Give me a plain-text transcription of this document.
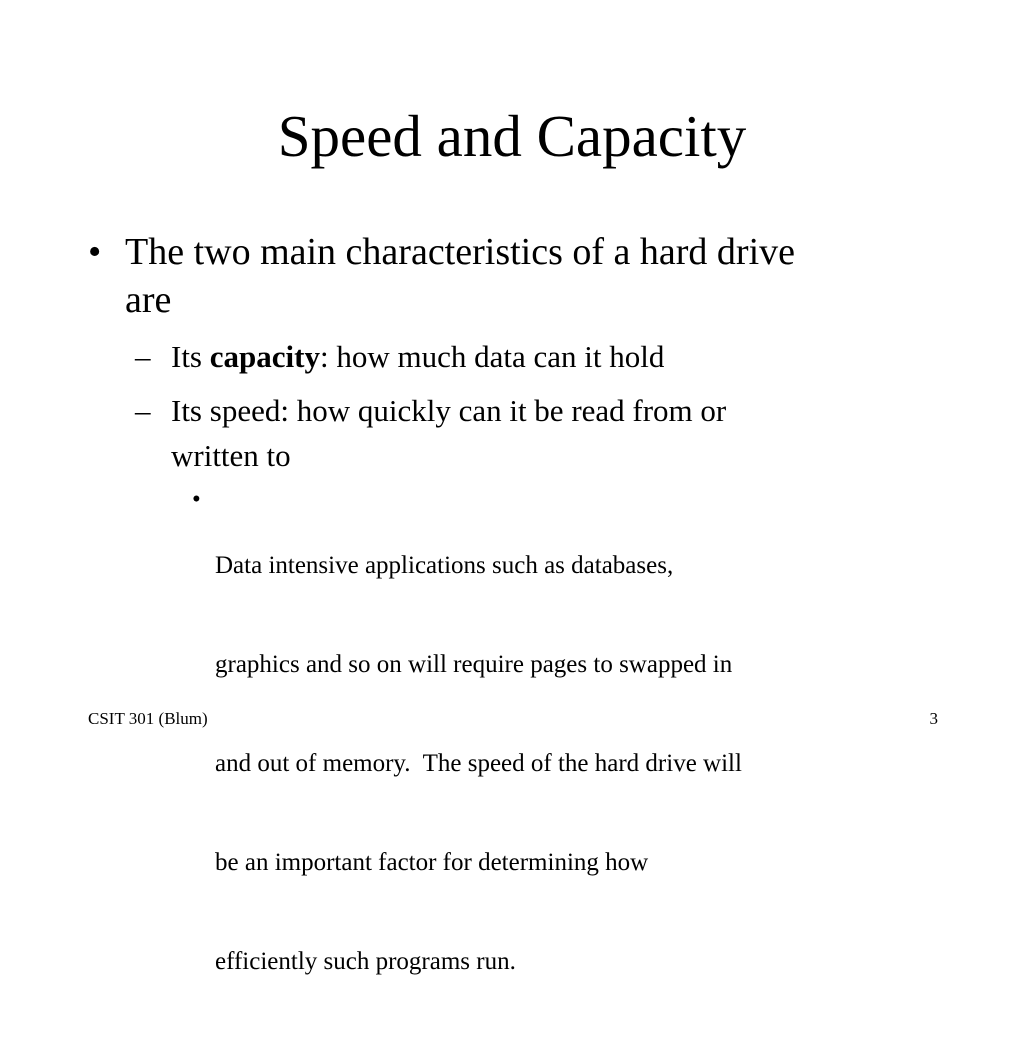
Speed and Capacity
• The two main characteristics of a hard drive
are
– Its capacity: how much data can it hold
– Its speed: how quickly can it be read from or
written to
•

Data intensive applications such as databases,

graphics and so on will require pages to swapped in

and out of memory.  The speed of the hard drive will

be an important factor for determining how

efficiently such programs run.

CSIT 301 (Blum)	3
